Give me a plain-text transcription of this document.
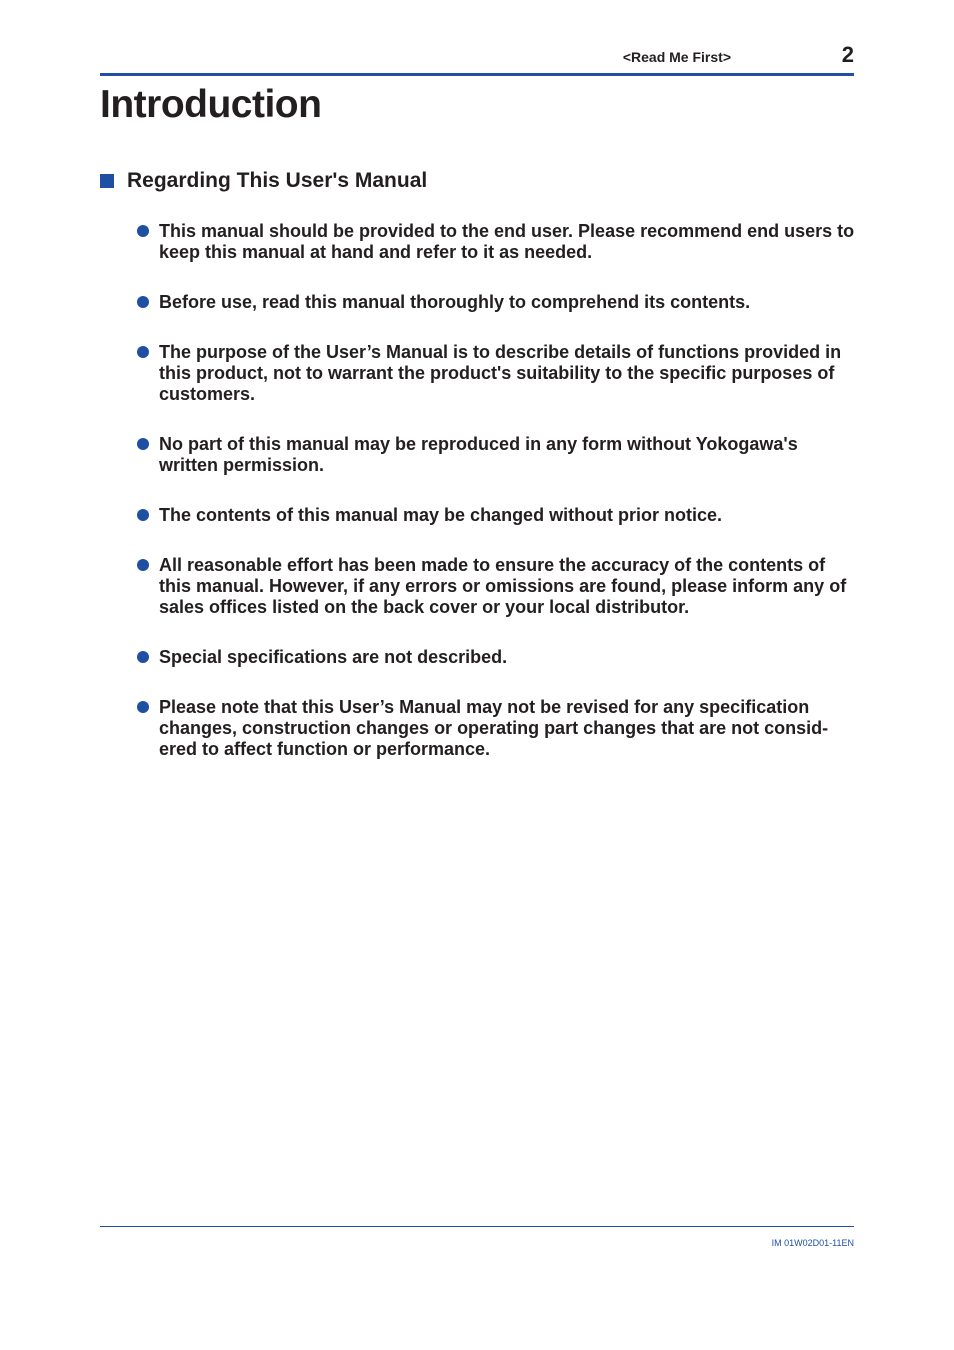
<Read Me First>	2
Introduction
Regarding This User's Manual
This manual should be provided to the end user. Please recommend end users to keep this manual at hand and refer to it as needed.
Before use, read this manual thoroughly to comprehend its contents.
The purpose of the User’s Manual is to describe details of functions provided in this product, not to warrant the product's suitability to the specific purposes of customers.
No part of this manual may be reproduced in any form without Yokogawa's written permission.
The contents of this manual may be changed without prior notice.
All reasonable effort has been made to ensure the accuracy of the contents of this manual. However, if any errors or omissions are found, please inform any of sales offices listed on the back cover or your local distributor.
Special specifications are not described.
Please note that this User’s Manual may not be revised for any specification changes, construction changes or operating part changes that are not consid-ered to affect function or performance.
IM 01W02D01-11EN
